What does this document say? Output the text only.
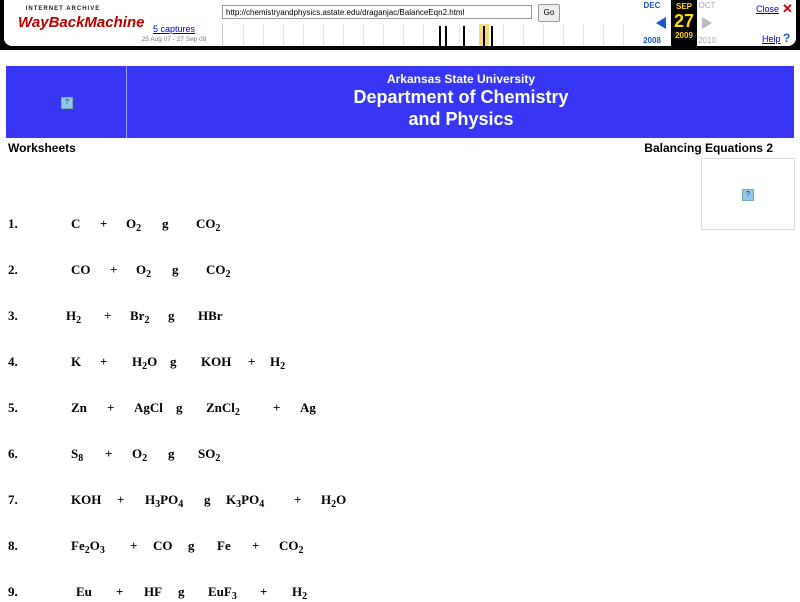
INTERNET ARCHIVE
WayBackMachine 5 captures
25 Aug 07 - 27 Sep 09
http://chemistryandphysics.astate.edu/draganjac/BalanceEqn2.html
Go
DEC
2008
SEP
27
2009
OCT
2010
Close ✕
Help ?
?
Arkansas State University
Department of Chemistry
and Physics
Worksheets	Balancing Equations 2
?
1.	$C + O_2$ g $CO_2$
2.	CO + $O_2$ g $CO_2$
3.	$H_2 + Br_2$ g HBr
4.	$K + H_2O$ g KOH + $H_2$
5.	Zn + AgCl g ZnCl$_2$	+ Ag
6.	$S_8 + O_2$ g $SO_2$
7.	KOH + $H_3PO_4$ g $K_3PO_4 + H_2O$
8.	$Fe_2O_3$ + CO g $Fe + CO_2$
9.	Eu + HF g $EuF_3 + H_2$
